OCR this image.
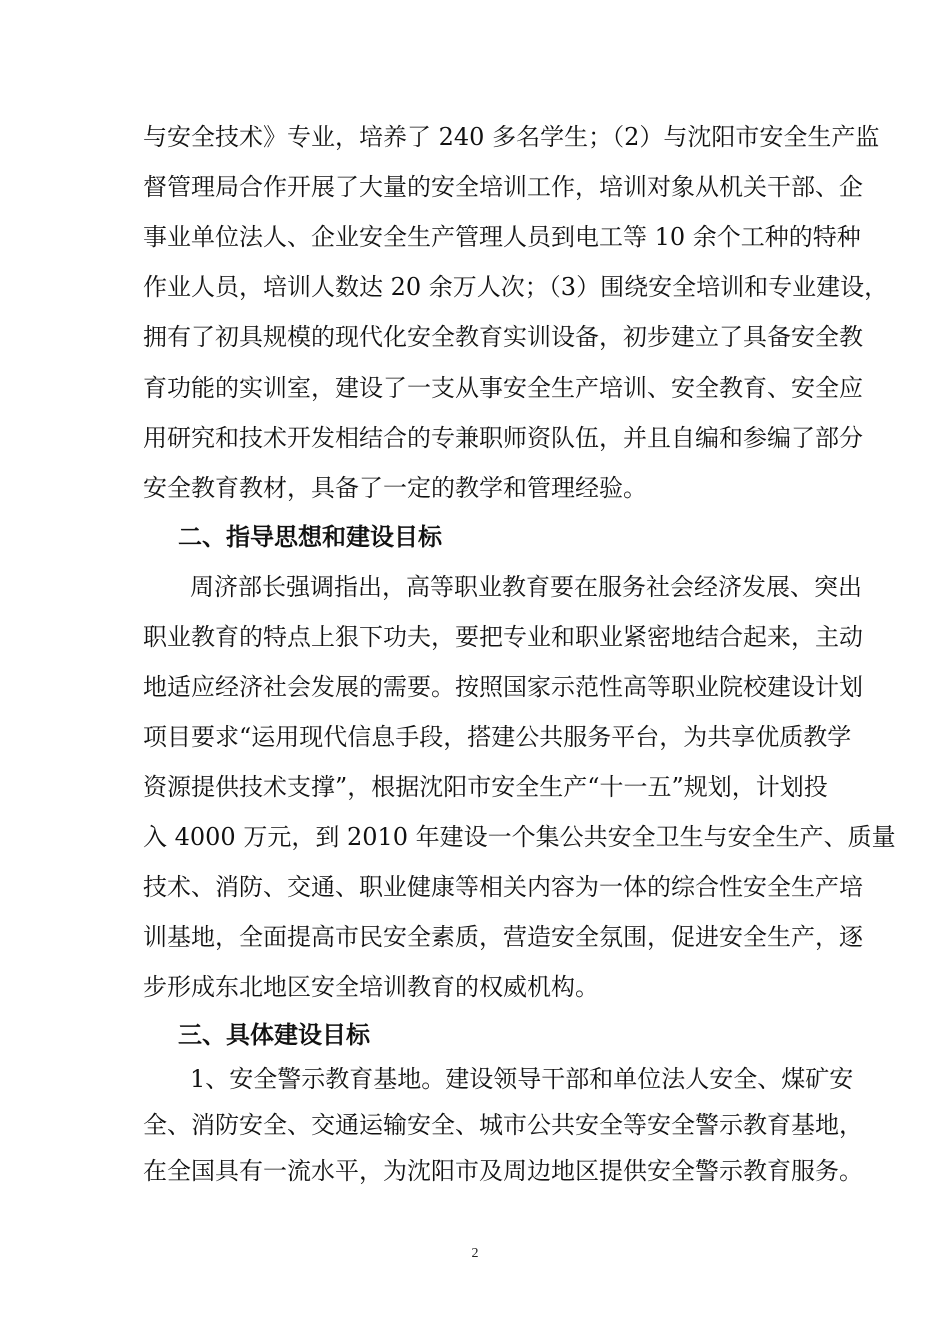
与安全技术》专业，培养了 240 多名学生；（2）与沈阳市安全生产监
督管理局合作开展了大量的安全培训工作，培训对象从机关干部、企
事业单位法人、企业安全生产管理人员到电工等 10 余个工种的特种
作业人员，培训人数达 20 余万人次；（3）围绕安全培训和专业建设，
拥有了初具规模的现代化安全教育实训设备，初步建立了具备安全教
育功能的实训室，建设了一支从事安全生产培训、安全教育、安全应
用研究和技术开发相结合的专兼职师资队伍，并且自编和参编了部分
安全教育教材，具备了一定的教学和管理经验。
二、指导思想和建设目标
周济部长强调指出，高等职业教育要在服务社会经济发展、突出
职业教育的特点上狠下功夫，要把专业和职业紧密地结合起来，主动
地适应经济社会发展的需要。按照国家示范性高等职业院校建设计划
项目要求“运用现代信息手段，搭建公共服务平台，为共享优质教学
资源提供技术支撑”，根据沈阳市安全生产“十一五”规划，计划投
入 4000 万元，到 2010 年建设一个集公共安全卫生与安全生产、质量
技术、消防、交通、职业健康等相关内容为一体的综合性安全生产培
训基地，全面提高市民安全素质，营造安全氛围，促进安全生产，逐
步形成东北地区安全培训教育的权威机构。
三、具体建设目标
1、安全警示教育基地。建设领导干部和单位法人安全、煤矿安
全、消防安全、交通运输安全、城市公共安全等安全警示教育基地，
在全国具有一流水平，为沈阳市及周边地区提供安全警示教育服务。
2
